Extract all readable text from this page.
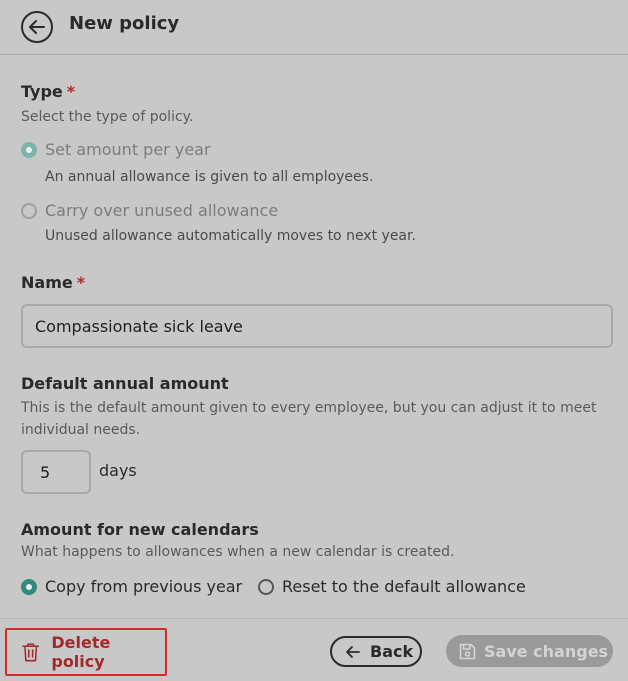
New policy
Type *
Select the type of policy.
Set amount per year
An annual allowance is given to all employees.
Carry over unused allowance
Unused allowance automatically moves to next year.
Name *
Compassionate sick leave
Default annual amount
This is the default amount given to every employee, but you can adjust it to meet
individual needs.
5	days
Amount for new calendars
What happens to allowances when a new calendar is created.
Copy from previous year Reset to the default allowance
Delete policy
Back	Save changes
